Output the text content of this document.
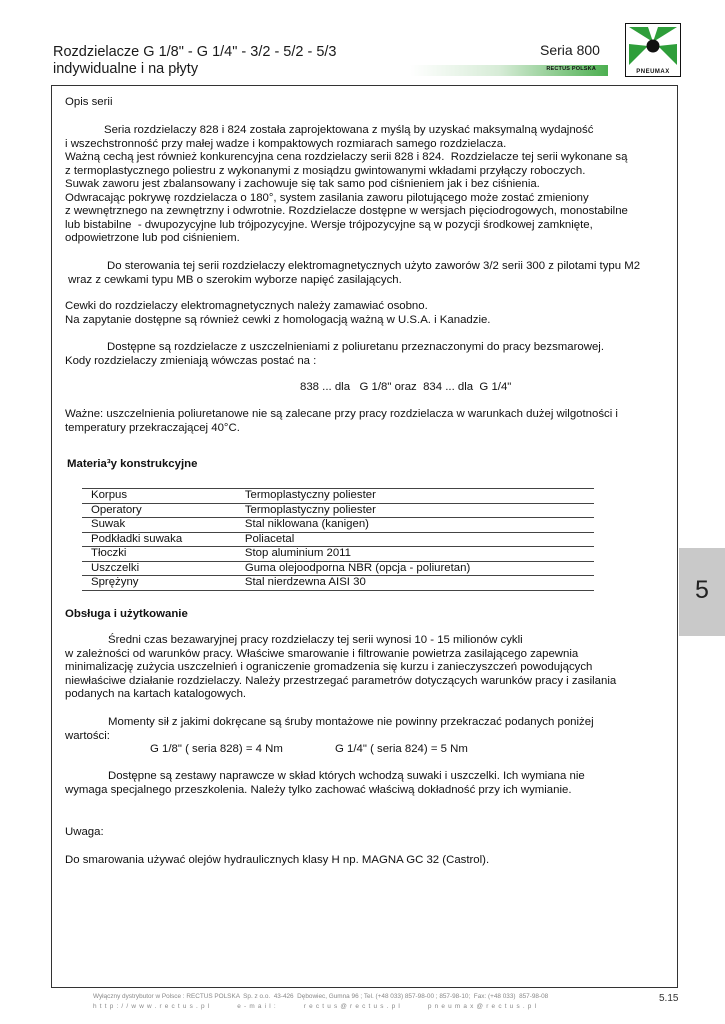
Rozdzielacze G 1/8" - G 1/4" - 3/2 - 5/2 - 5/3
indywidualne i na płyty
Seria 800
RECTUS POLSKA	PNEUMAX
Opis serii
Seria rozdzielaczy 828 i 824 została zaprojektowana z myślą by uzyskać maksymalną wydajność
i wszechstronność przy małej wadze i kompaktowych rozmiarach samego rozdzielacza.
Ważną cechą jest również konkurencyjna cena rozdzielaczy serii 828 i 824.  Rozdzielacze tej serii wykonane są
z termoplastycznego poliestru z wykonanymi z mosiądzu gwintowanymi wkładami przyłączy roboczych.
Suwak zaworu jest zbalansowany i zachowuje się tak samo pod ciśnieniem jak i bez ciśnienia.
Odwracając pokrywę rozdzielacza o 180°, system zasilania zaworu pilotującego może zostać zmieniony
z wewnętrznego na zewnętrzny i odwrotnie. Rozdzielacze dostępne w wersjach pięciodrogowych, monostabilne
lub bistabilne  - dwupozycyjne lub trójpozycyjne. Wersje trójpozycyjne są w pozycji środkowej zamknięte,
odpowietrzone lub pod ciśnieniem.
Do sterowania tej serii rozdzielaczy elektromagnetycznych użyto zaworów 3/2 serii 300 z pilotami typu M2
wraz z cewkami typu MB o szerokim wyborze napięć zasilających.
Cewki do rozdzielaczy elektromagnetycznych należy zamawiać osobno.
Na zapytanie dostępne są również cewki z homologacją ważną w U.S.A. i Kanadzie.
Dostępne są rozdzielacze z uszczelnieniami z poliuretanu przeznaczonymi do pracy bezsmarowej.
Kody rozdzielaczy zmieniają wówczas postać na :
838 ... dla   G 1/8" oraz  834 ... dla  G 1/4"
Ważne: uszczelnienia poliuretanowe nie są zalecane przy pracy rozdzielacza w warunkach dużej wilgotności i
temperatury przekraczającej 40°C.
Materia³y konstrukcyjne
Korpus	Termoplastyczny poliester
Operatory	Termoplastyczny poliester
Suwak	Stal niklowana (kanigen)
Podkładki suwaka	Poliacetal
Tłoczki	Stop aluminium 2011
Uszczelki	Guma olejoodporna NBR (opcja - poliuretan)
Sprężyny	Stal nierdzewna AISI 30
Obsługa i użytkowanie
Średni czas bezawaryjnej pracy rozdzielaczy tej serii wynosi 10 - 15 milionów cykli
w zależności od warunków pracy. Właściwe smarowanie i filtrowanie powietrza zasilającego zapewnia
minimalizację zużycia uszczelnień i ograniczenie gromadzenia się kurzu i zanieczyszczeń powodujących
niewłaściwe działanie rozdzielaczy. Należy przestrzegać parametrów dotyczących warunków pracy i zasilania
podanych na kartach katalogowych.
Momenty sił z jakimi dokręcane są śruby montażowe nie powinny przekraczać podanych poniżej
wartości:
G 1/8" ( seria 828) = 4 Nm	G 1/4" ( seria 824) = 5 Nm
Dostępne są zestawy naprawcze w skład których wchodzą suwaki i uszczelki. Ich wymiana nie
wymaga specjalnego przeszkolenia. Należy tylko zachować właściwą dokładność przy ich wymianie.
Uwaga:
Do smarowania używać olejów hydraulicznych klasy H np. MAGNA GC 32 (Castrol).
5
Wyłączny dystrybutor w Polsce : RECTUS POLSKA  Sp. z o.o.  43-426  Dębowiec, Gumna 96 ; Tel. (+48 033) 857-98-00 ; 857-98-10;  Fax: (+48 033)  857-98-08
http://www.rectus.pl     e-mail:     rectus@rectus.pl     pneumax@rectus.pl
5.15
